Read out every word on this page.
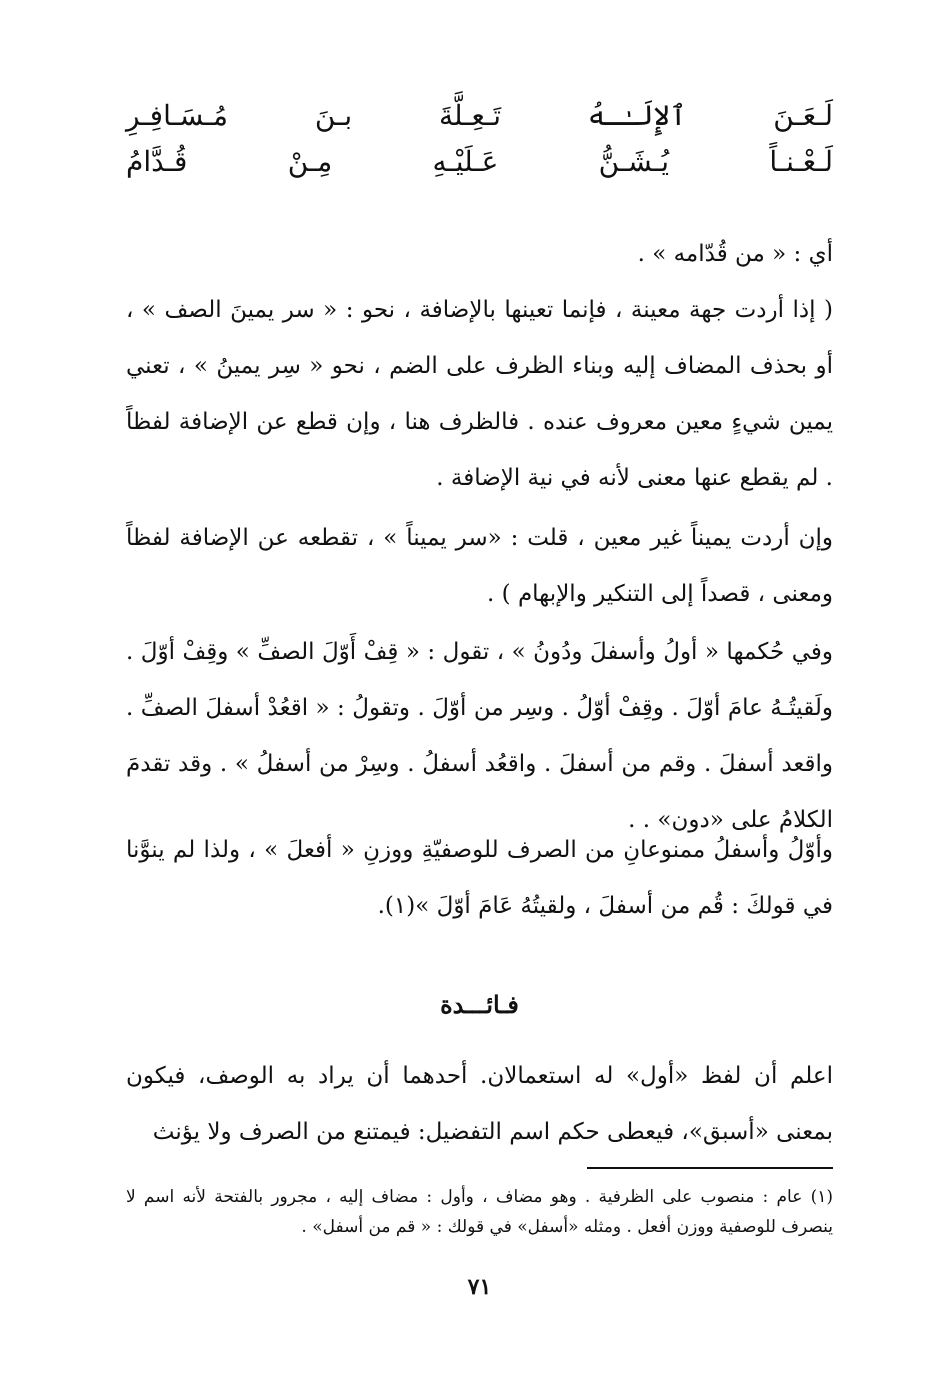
لَـعَـنَ
ٱلإِلَـٰـهُ
تَـعِـلَّةَ
بـنَ
مُـسَـافِـرِ
لَـعْـنـاً
يُـشَـنُّ
عَـلَيْـهِ
مِـنْ
قُـدَّامُ

أي : « من قُدّامه » .

( إذا أردت جهة معينة ، فإنما تعينها بالإضافة ، نحو : « سر يمينَ الصف » ، أو بحذف المضاف إليه وبناء الظرف على الضم ، نحو « سِر يمينُ » ، تعني يمين شيءٍ معين معروف عنده . فالظرف هنا ، وإن قطع عن الإضافة لفظاً . لم يقطع عنها معنى لأنه في نية الإضافة .

وإن أردت يميناً غير معين ، قلت : «سر يميناً » ، تقطعه عن الإضافة لفظاً ومعنى ، قصداً إلى التنكير والإبهام ) .

وفي حُكمها « أولُ وأسفلَ ودُونُ » ، تقول : « قِفْ أَوّلَ الصفِّ » وقِفْ أوّلَ . ولَقيتُـهُ عامَ أوّلَ . وقِفْ أوّلُ . وسِر من أوّلَ . وتقولُ : « اقعُدْ أسفلَ الصفِّ . واقعد أسفلَ . وقم من أسفلَ . واقعُد أسفلُ . وسِرْ من أسفلُ » . وقد تقدمَ الكلامُ على «دون» . .

وأوّلُ وأسفلُ ممنوعانِ من الصرف للوصفيّةِ ووزنِ « أفعلَ » ، ولذا لم ينوَّنا في قولكَ : قُم من أسفلَ ، ولقيتُهُ عَامَ أوّلَ »(١).

فـائـــدة

اعلم أن لفظ «أول» له استعمالان. أحدهما أن يراد به الوصف، فيكون بمعنى «أسبق»، فيعطى حكم اسم التفضيل: فيمتنع من الصرف ولا يؤنث

(١) عام : منصوب على الظرفية . وهو مضاف ، وأول : مضاف إليه ، مجرور بالفتحة لأنه اسم لا ينصرف للوصفية ووزن أفعل . ومثله «أسفل» في قولك : « قم من أسفل» .

٧١
